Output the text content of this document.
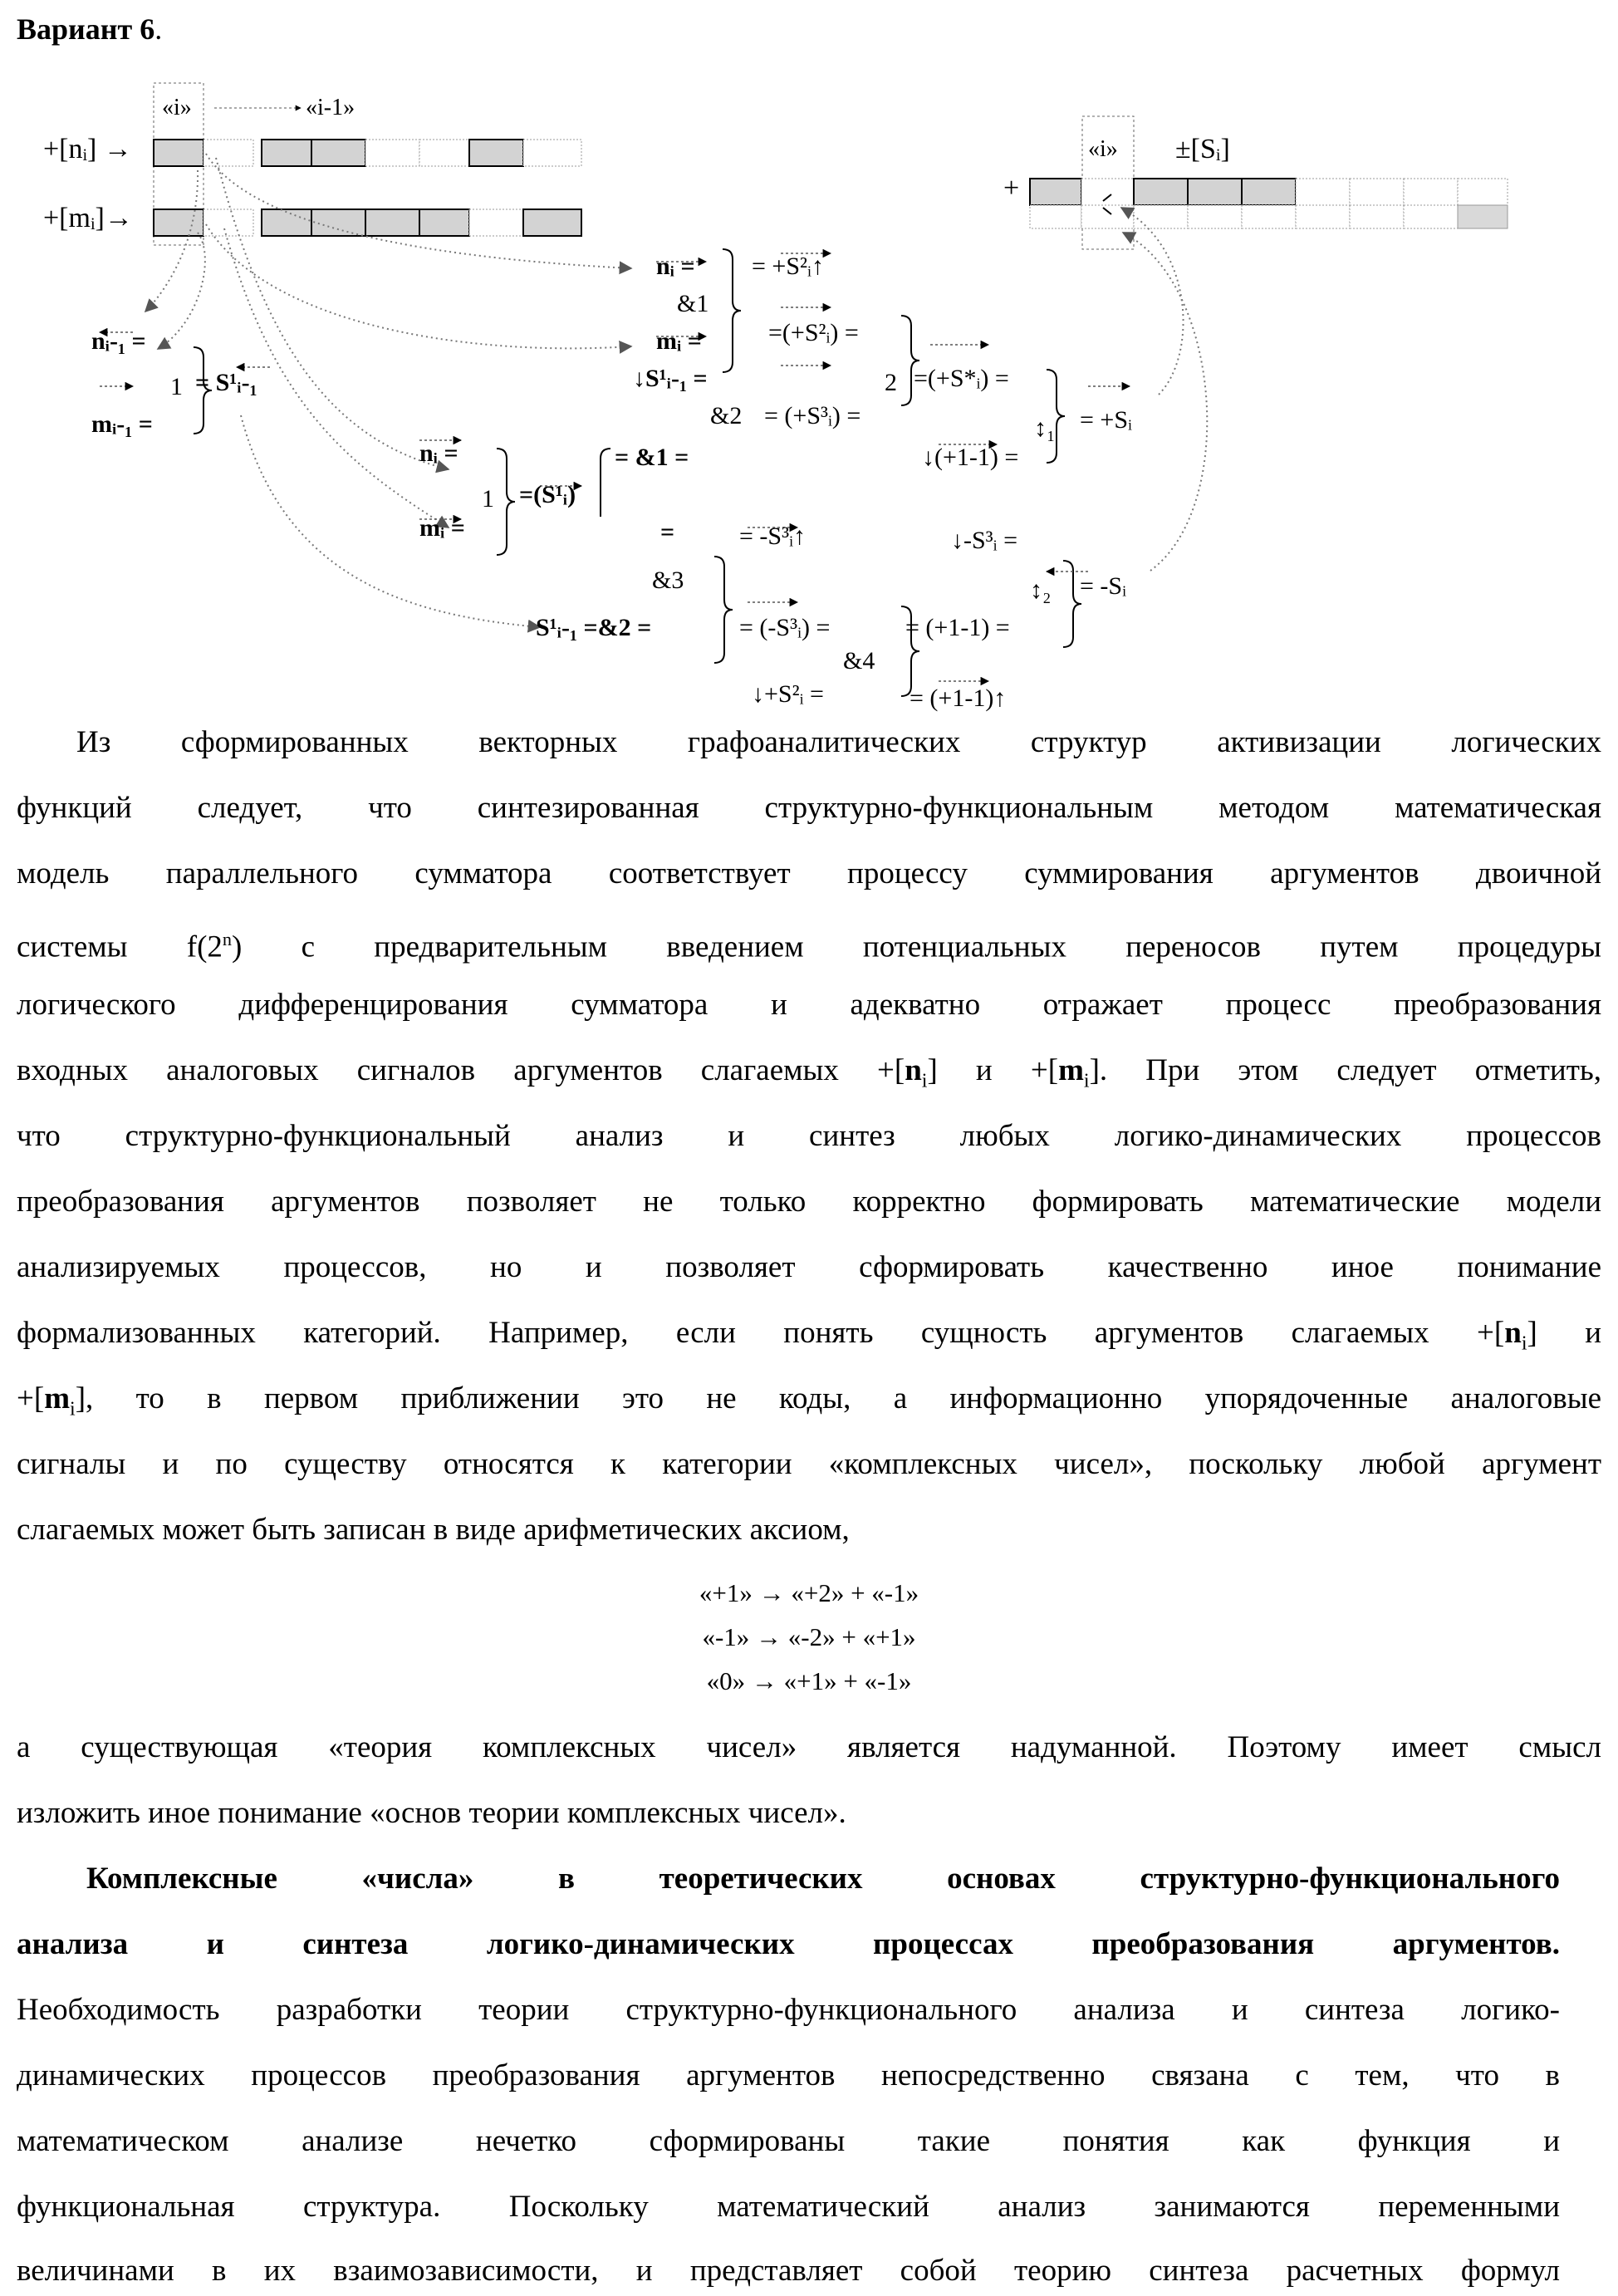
Вариант 6.
«i»	«i-1»
+[nᵢ] →
+[mᵢ]→
«i» ±[Sᵢ]
+
nᵢ =
&1
mᵢ =
↓S¹ᵢ-₁ =
&2
= +S²ᵢ↑
=(+S²ᵢ) =
= (+S³ᵢ) =
2 =(+S*ᵢ) =
↕₁ = +Sᵢ
↓(+1-1) =
nᵢ-₁ =
1
mᵢ-₁ =
= S¹ᵢ-₁
nᵢ =
1
mᵢ =
=(S¹ᵢ)
= &1 =
=	= -S³ᵢ↑
&3
S¹ᵢ-₁ =&2 =	= (-S³ᵢ) =
&4
↓+S²ᵢ =
= (+1-1) =
= (+1-1)↑
↓-S³ᵢ =
↕₂ = -Sᵢ
Из сформированных векторных графоаналитических структур активизации логических
функций следует, что синтезированная структурно-функциональным методом математическая
модель параллельного сумматора соответствует процессу суммирования аргументов двоичной
системы f(2n) с предварительным введением потенциальных переносов путем процедуры
логического дифференцирования сумматора и адекватно отражает процесс преобразования
входных аналоговых сигналов аргументов слагаемых +[ni] и +[mi]. При этом следует отметить,
что структурно-функциональный анализ и синтез любых логико-динамических процессов
преобразования аргументов позволяет не только корректно формировать математические модели
анализируемых процессов, но и позволяет сформировать качественно иное понимание
формализованных категорий. Например, если понять сущность аргументов слагаемых +[ni] и
+[mi], то в первом приближении это не коды, а информационно упорядоченные аналоговые
сигналы и по существу относятся к категории «комплексных чисел», поскольку любой аргумент
слагаемых может быть записан в виде арифметических аксиом,
«+1» → «+2» + «-1»
«-1» → «-2» + «+1»
«0» → «+1» + «-1»
а существующая «теория комплексных чисел» является надуманной. Поэтому имеет смысл
изложить иное понимание «основ теории комплексных чисел».
Комплексные «числа» в теоретических основах структурно-функционального
анализа и синтеза логико-динамических процессах преобразования аргументов.
Необходимость разработки теории структурно-функционального анализа и синтеза логико-
динамических процессов преобразования аргументов непосредственно связана с тем, что в
математическом анализе нечетко сформированы такие понятия как функция и
функциональная структура. Поскольку математический анализ занимаются переменными
величинами в их взаимозависимости, и представляет собой теорию синтеза расчетных формул
